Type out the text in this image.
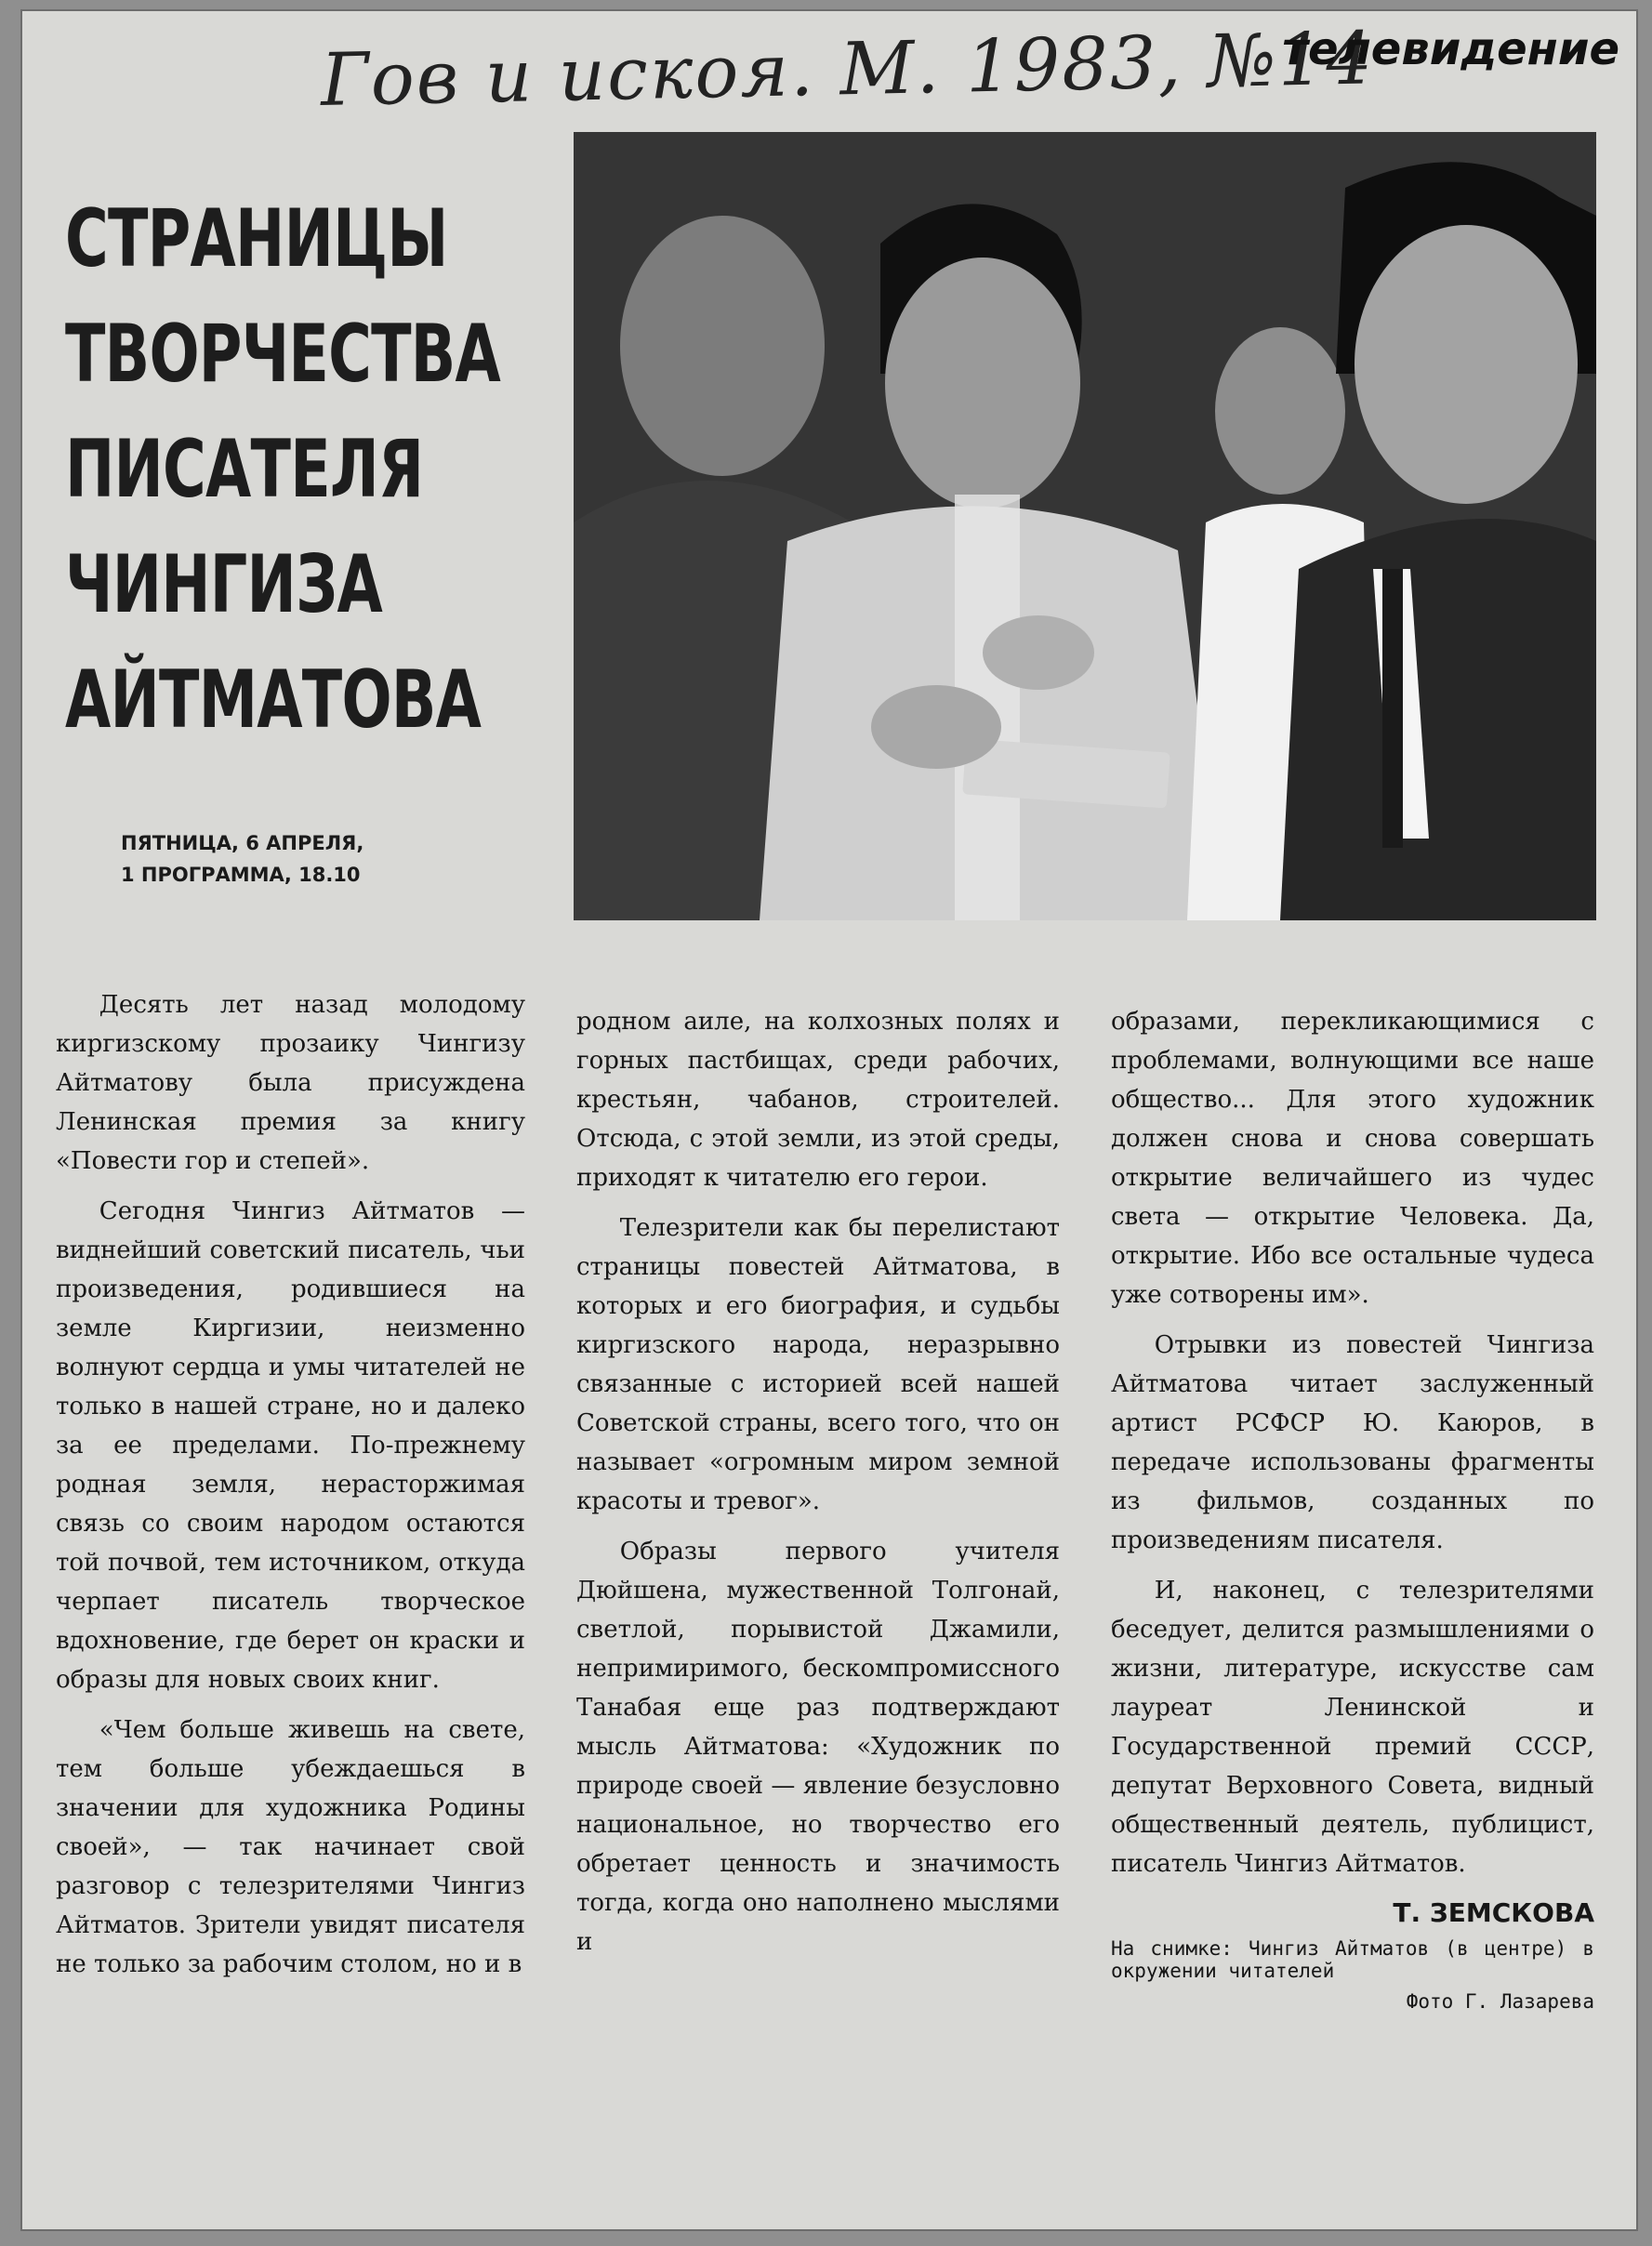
Гов и искоя. М. 1983, №14
телевидение
СТРАНИЦЫ
ТВОРЧЕСТВА
ПИСАТЕЛЯ
ЧИНГИЗА
АЙТМАТОВА
ПЯТНИЦА, 6 АПРЕЛЯ,
1 ПРОГРАММА, 18.10

Десять лет назад молодому киргизскому прозаику Чингизу Айтматову была присуждена Ленинская премия за книгу «Повести гор и степей».

Сегодня Чингиз Айтматов — виднейший советский писатель, чьи произведения, родившиеся на земле Киргизии, неизменно волнуют сердца и умы читателей не только в нашей стране, но и далеко за ее пределами. По-прежнему родная земля, нерасторжимая связь со своим народом остаются той почвой, тем источником, откуда черпает писатель творческое вдохновение, где берет он краски и образы для новых своих книг.

«Чем больше живешь на свете, тем больше убеждаешься в значении для художника Родины своей», — так начинает свой разговор с телезрителями Чингиз Айтматов. Зрители увидят писателя не только за рабочим столом, но и в

родном аиле, на колхозных полях и горных пастбищах, среди рабочих, крестьян, чабанов, строителей. Отсюда, с этой земли, из этой среды, приходят к читателю его герои.

Телезрители как бы перелистают страницы повестей Айтматова, в которых и его биография, и судьбы киргизского народа, неразрывно связанные с историей всей нашей Советской страны, всего того, что он называет «огромным миром земной красоты и тревог».

Образы первого учителя Дюйшена, мужественной Толгонай, светлой, порывистой Джамили, непримиримого, бескомпромиссного Танабая еще раз подтверждают мысль Айтматова: «Художник по природе своей — явление безусловно национальное, но творчество его обретает ценность и значимость тогда, когда оно наполнено мыслями и

образами, перекликающимися с проблемами, волнующими все наше общество... Для этого художник должен снова и снова совершать открытие величайшего из чудес света — открытие Человека. Да, открытие. Ибо все остальные чудеса уже сотворены им».

Отрывки из повестей Чингиза Айтматова читает заслуженный артист РСФСР Ю. Каюров, в передаче использованы фрагменты из фильмов, созданных по произведениям писателя.

И, наконец, с телезрителями беседует, делится размышлениями о жизни, литературе, искусстве сам лауреат Ленинской и Государственной премий СССР, депутат Верховного Совета, видный общественный деятель, публицист, писатель Чингиз Айтматов.

Т. ЗЕМСКОВА
На снимке: Чингиз Айтматов (в центре) в окружении читателей
Фото Г. Лазарева
